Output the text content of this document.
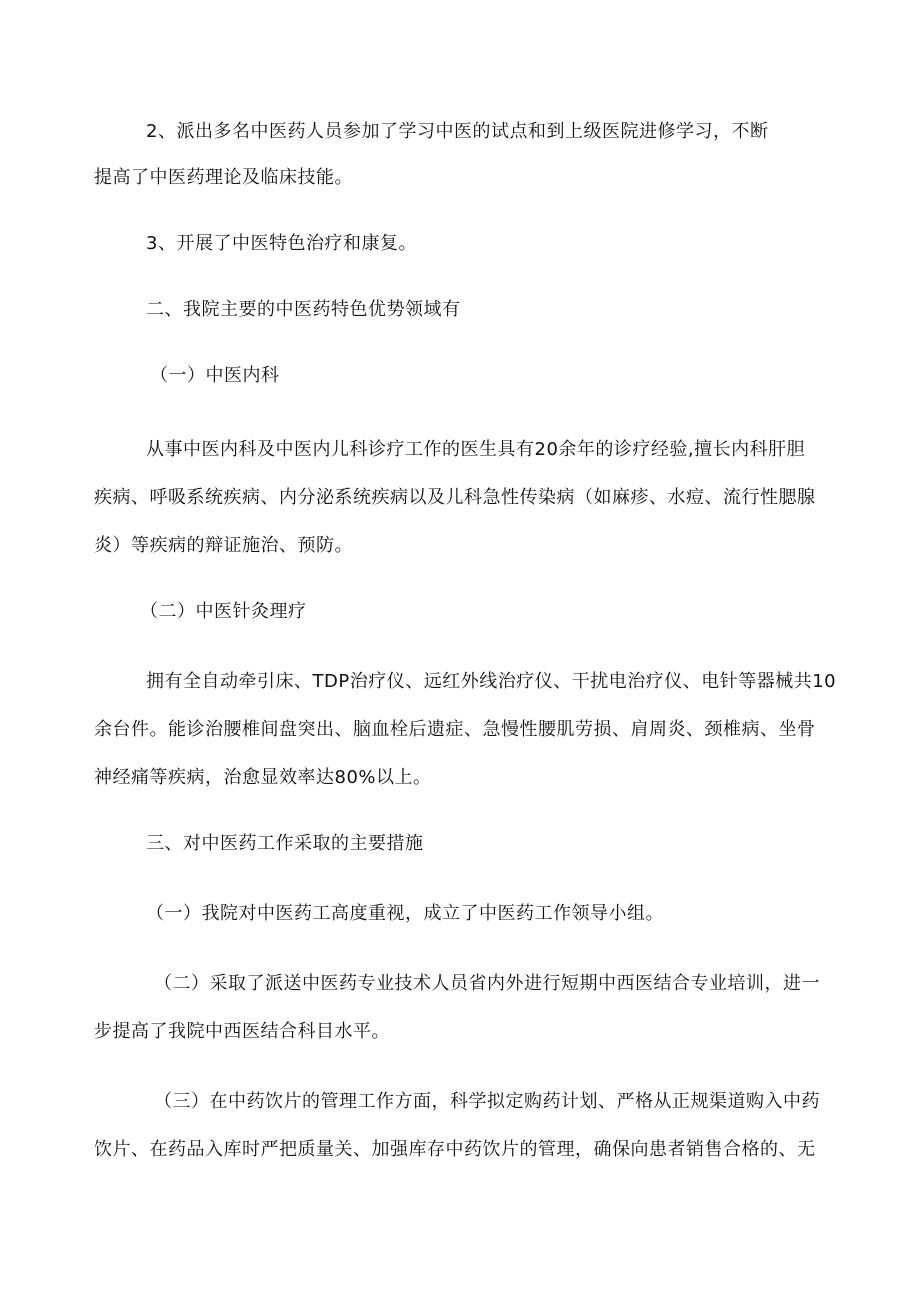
2、派出多名中医药人员参加了学习中医的试点和到上级医院进修学习，不断
提高了中医药理论及临床技能。
3、开展了中医特色治疗和康复。
二、我院主要的中医药特色优势领域有
（一）中医内科
从事中医内科及中医内儿科诊疗工作的医生具有20余年的诊疗经验,擅长内科肝胆
疾病、呼吸系统疾病、内分泌系统疾病以及儿科急性传染病（如麻疹、水痘、流行性腮腺
炎）等疾病的辩证施治、预防。
（二）中医针灸理疗
拥有全自动牵引床、TDP治疗仪、远红外线治疗仪、干扰电治疗仪、电针等器械共10
余台件。能诊治腰椎间盘突出、脑血栓后遗症、急慢性腰肌劳损、肩周炎、颈椎病、坐骨
神经痛等疾病，治愈显效率达80%以上。
三、对中医药工作采取的主要措施
（一）我院对中医药工高度重视，成立了中医药工作领导小组。
（二）采取了派送中医药专业技术人员省内外进行短期中西医结合专业培训，进一
步提高了我院中西医结合科目水平。
（三）在中药饮片的管理工作方面，科学拟定购药计划、严格从正规渠道购入中药
饮片、在药品入库时严把质量关、加强库存中药饮片的管理，确保向患者销售合格的、无
